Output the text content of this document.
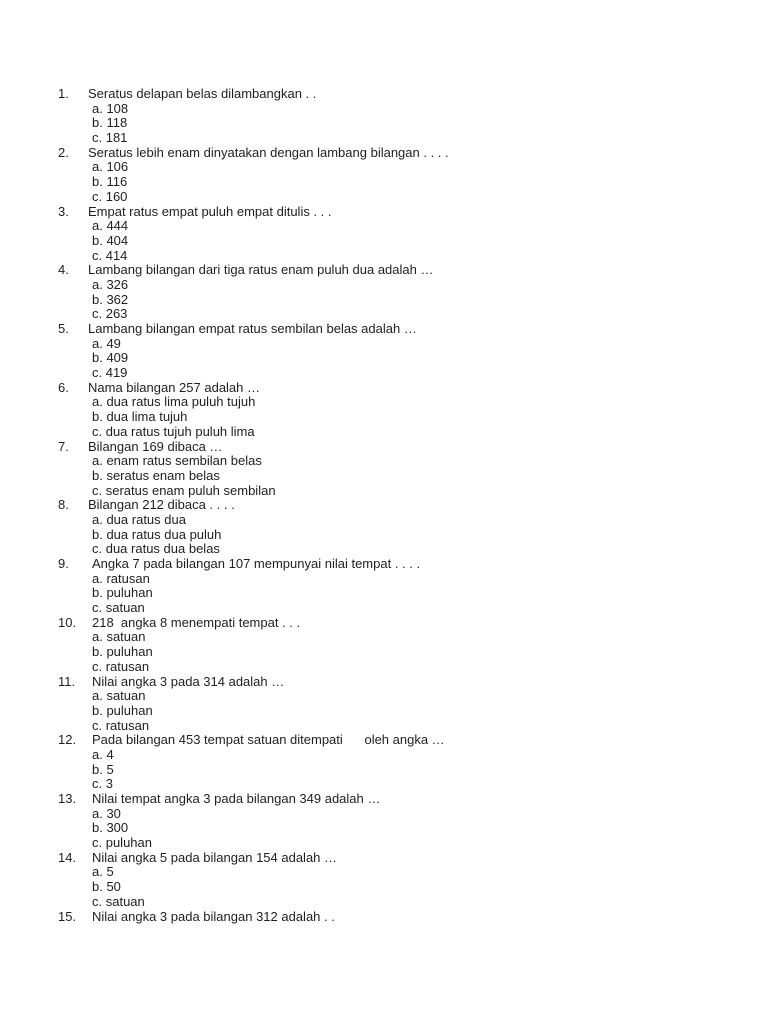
1. Seratus delapan belas dilambangkan . .
a. 108
b. 118
c. 181
2. Seratus lebih enam dinyatakan dengan lambang bilangan . . . .
a. 106
b. 116
c. 160
3. Empat ratus empat puluh empat ditulis . . .
a. 444
b. 404
c. 414
4. Lambang bilangan dari tiga ratus enam puluh dua adalah …
a. 326
b. 362
c. 263
5. Lambang bilangan empat ratus sembilan belas adalah …
a. 49
b. 409
c. 419
6. Nama bilangan 257 adalah …
a. dua ratus lima puluh tujuh
b. dua lima tujuh
c. dua ratus tujuh puluh lima
7. Bilangan 169 dibaca …
a. enam ratus sembilan belas
b. seratus enam belas
c. seratus enam puluh sembilan
8. Bilangan 212 dibaca . . . .
a. dua ratus dua
b. dua ratus dua puluh
c. dua ratus dua belas
9. Angka 7 pada bilangan 107 mempunyai nilai tempat . . . .
a. ratusan
b. puluhan
c. satuan
10. 218  angka 8 menempati tempat . . .
a. satuan
b. puluhan
c. ratusan
11. Nilai angka 3 pada 314 adalah …
a. satuan
b. puluhan
c. ratusan
12. Pada bilangan 453 tempat satuan ditempati      oleh angka …
a. 4
b. 5
c. 3
13. Nilai tempat angka 3 pada bilangan 349 adalah …
a. 30
b. 300
c. puluhan
14. Nilai angka 5 pada bilangan 154 adalah …
a. 5
b. 50
c. satuan
15. Nilai angka 3 pada bilangan 312 adalah . .
